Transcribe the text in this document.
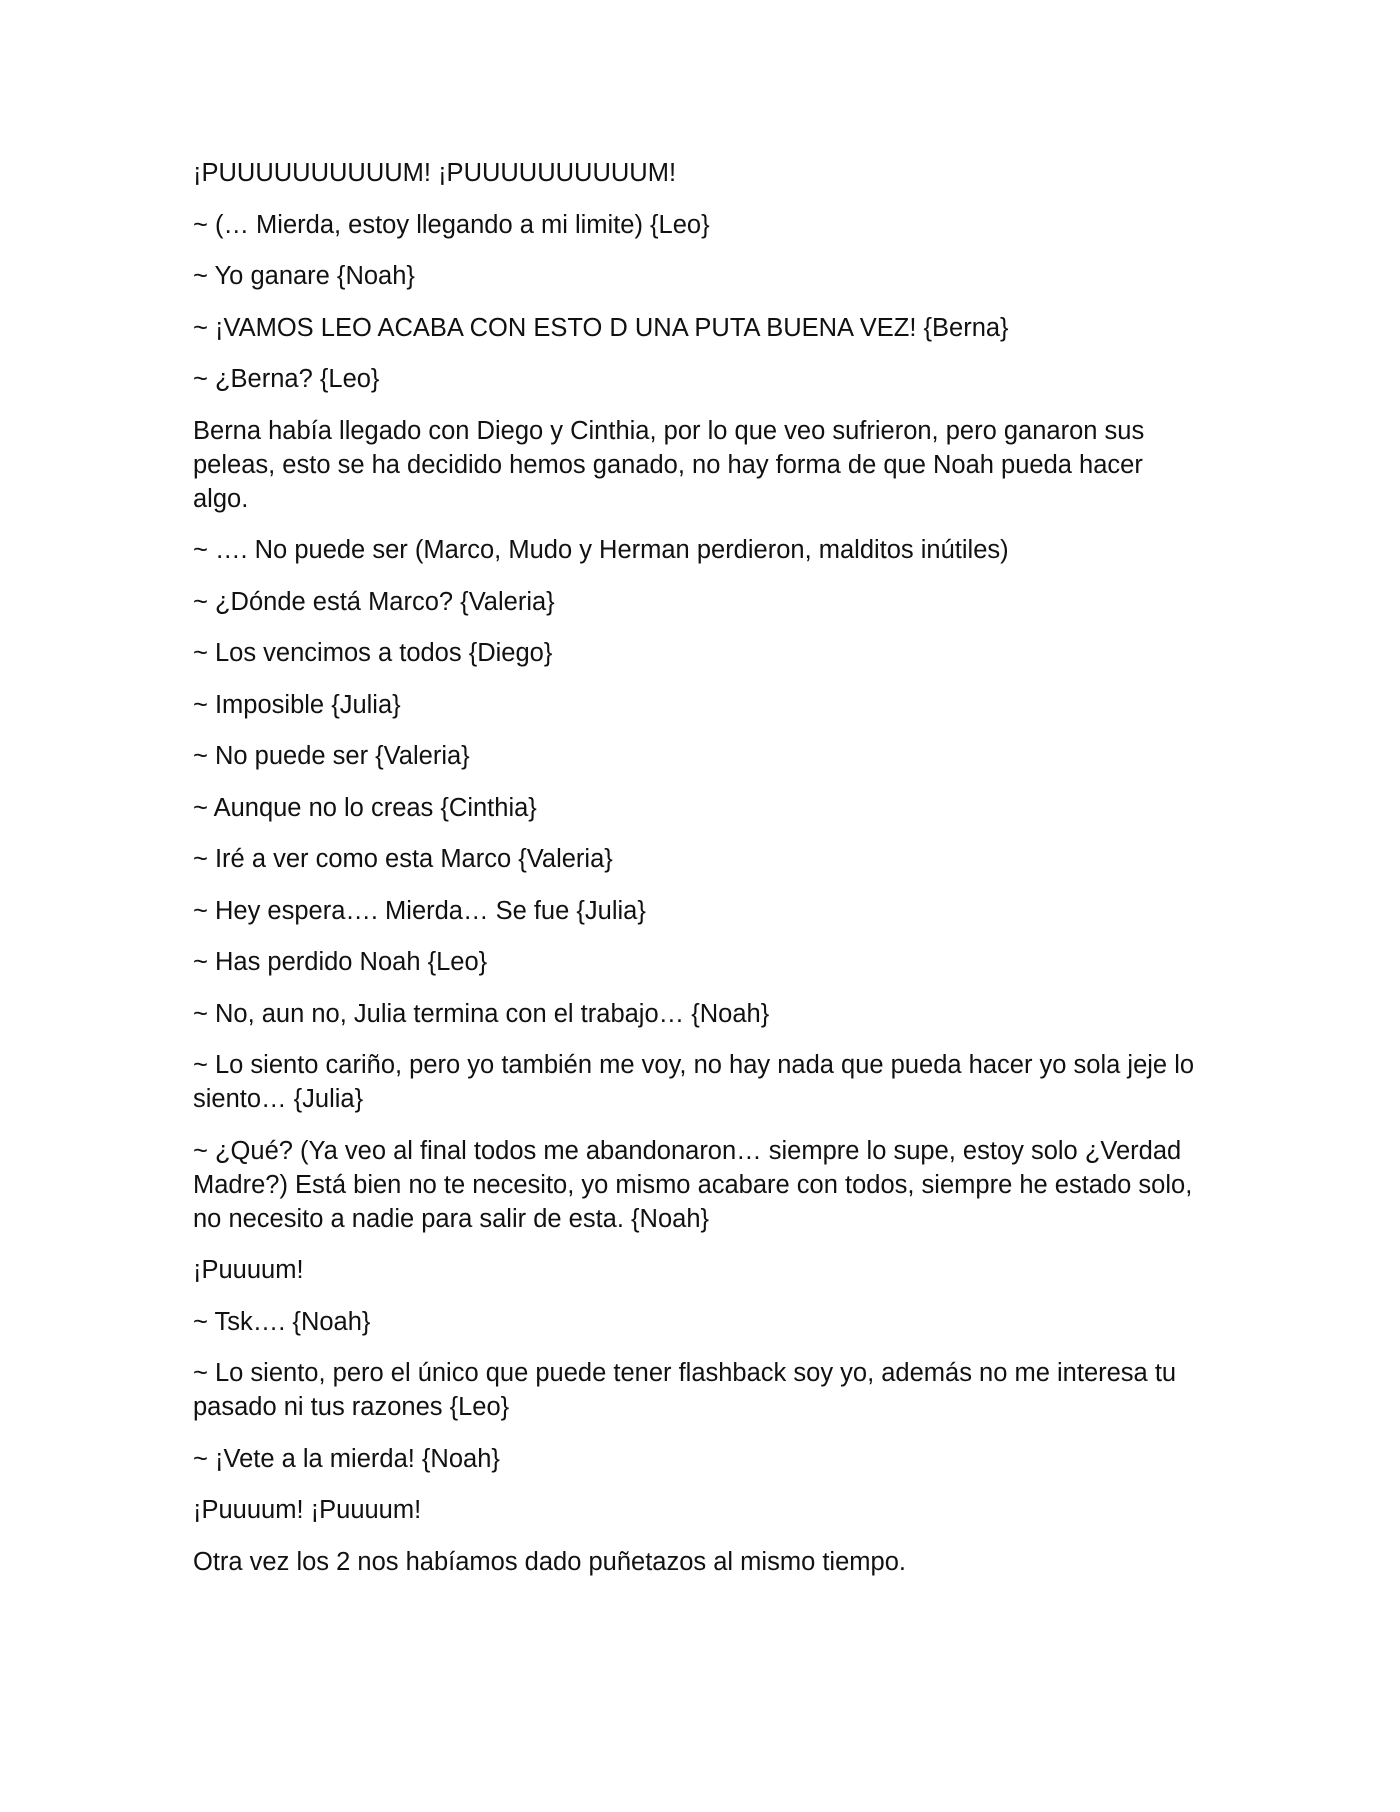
¡PUUUUUUUUUUM! ¡PUUUUUUUUUUM!

~ (… Mierda, estoy llegando a mi limite) {Leo}

~ Yo ganare {Noah}

~ ¡VAMOS LEO ACABA CON ESTO D UNA PUTA BUENA VEZ! {Berna}

~ ¿Berna? {Leo}

Berna había llegado con Diego y Cinthia, por lo que veo sufrieron, pero ganaron sus peleas, esto se ha decidido hemos ganado, no hay forma de que Noah pueda hacer algo.

~ …. No puede ser (Marco, Mudo y Herman perdieron, malditos inútiles)

~ ¿Dónde está Marco? {Valeria}

~ Los vencimos a todos {Diego}

~ Imposible {Julia}

~ No puede ser {Valeria}

~ Aunque no lo creas {Cinthia}

~ Iré a ver como esta Marco {Valeria}

~ Hey espera…. Mierda… Se fue {Julia}

~ Has perdido Noah {Leo}

~ No, aun no, Julia termina con el trabajo… {Noah}

~ Lo siento cariño, pero yo también me voy, no hay nada que pueda hacer yo sola jeje lo siento… {Julia}

~ ¿Qué? (Ya veo al final todos me abandonaron… siempre lo supe, estoy solo ¿Verdad Madre?) Está bien no te necesito, yo mismo acabare con todos, siempre he estado solo, no necesito a nadie para salir de esta. {Noah}

¡Puuuum!

~ Tsk…. {Noah}

~ Lo siento, pero el único que puede tener flashback soy yo, además no me interesa tu pasado ni tus razones {Leo}

~ ¡Vete a la mierda! {Noah}

¡Puuuum! ¡Puuuum!

Otra vez los 2 nos habíamos dado puñetazos al mismo tiempo.
